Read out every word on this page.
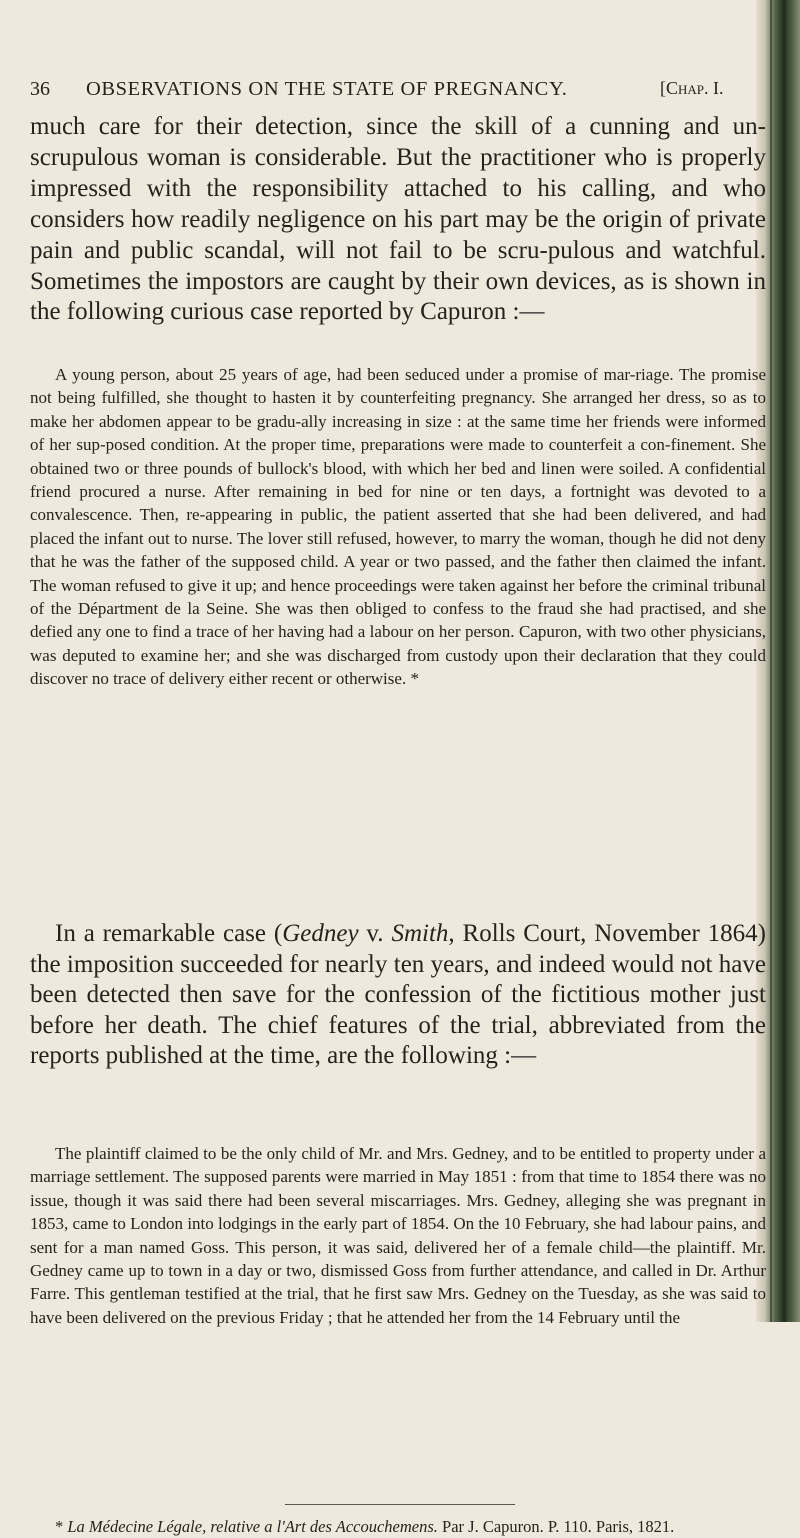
36 OBSERVATIONS ON THE STATE OF PREGNANCY.	[Chap. I.

much care for their detection, since the skill of a cunning and un-scrupulous woman is considerable. But the practitioner who is properly impressed with the responsibility attached to his calling, and who considers how readily negligence on his part may be the origin of private pain and public scandal, will not fail to be scru-pulous and watchful. Sometimes the impostors are caught by their own devices, as is shown in the following curious case reported by Capuron :—

A young person, about 25 years of age, had been seduced under a promise of mar-riage. The promise not being fulfilled, she thought to hasten it by counterfeiting pregnancy. She arranged her dress, so as to make her abdomen appear to be gradu-ally increasing in size : at the same time her friends were informed of her sup-posed condition. At the proper time, preparations were made to counterfeit a con-finement. She obtained two or three pounds of bullock's blood, with which her bed and linen were soiled. A confidential friend procured a nurse. After remaining in bed for nine or ten days, a fortnight was devoted to a convalescence. Then, re-appearing in public, the patient asserted that she had been delivered, and had placed the infant out to nurse. The lover still refused, however, to marry the woman, though he did not deny that he was the father of the supposed child. A year or two passed, and the father then claimed the infant. The woman refused to give it up; and hence proceedings were taken against her before the criminal tribunal of the Départment de la Seine. She was then obliged to confess to the fraud she had practised, and she defied any one to find a trace of her having had a labour on her person. Capuron, with two other physicians, was deputed to examine her; and she was discharged from custody upon their declaration that they could discover no trace of delivery either recent or otherwise. *

In a remarkable case (Gedney v. Smith, Rolls Court, November 1864) the imposition succeeded for nearly ten years, and indeed would not have been detected then save for the confession of the fictitious mother just before her death. The chief features of the trial, abbreviated from the reports published at the time, are the following :—

The plaintiff claimed to be the only child of Mr. and Mrs. Gedney, and to be entitled to property under a marriage settlement. The supposed parents were married in May 1851 : from that time to 1854 there was no issue, though it was said there had been several miscarriages. Mrs. Gedney, alleging she was pregnant in 1853, came to London into lodgings in the early part of 1854. On the 10 February, she had labour pains, and sent for a man named Goss. This person, it was said, delivered her of a female child—the plaintiff. Mr. Gedney came up to town in a day or two, dismissed Goss from further attendance, and called in Dr. Arthur Farre. This gentleman testified at the trial, that he first saw Mrs. Gedney on the Tuesday, as she was said to have been delivered on the previous Friday ; that he attended her from the 14 February until the

* La Médecine Légale, relative a l'Art des Accouchemens. Par J. Capuron. P. 110. Paris, 1821.
